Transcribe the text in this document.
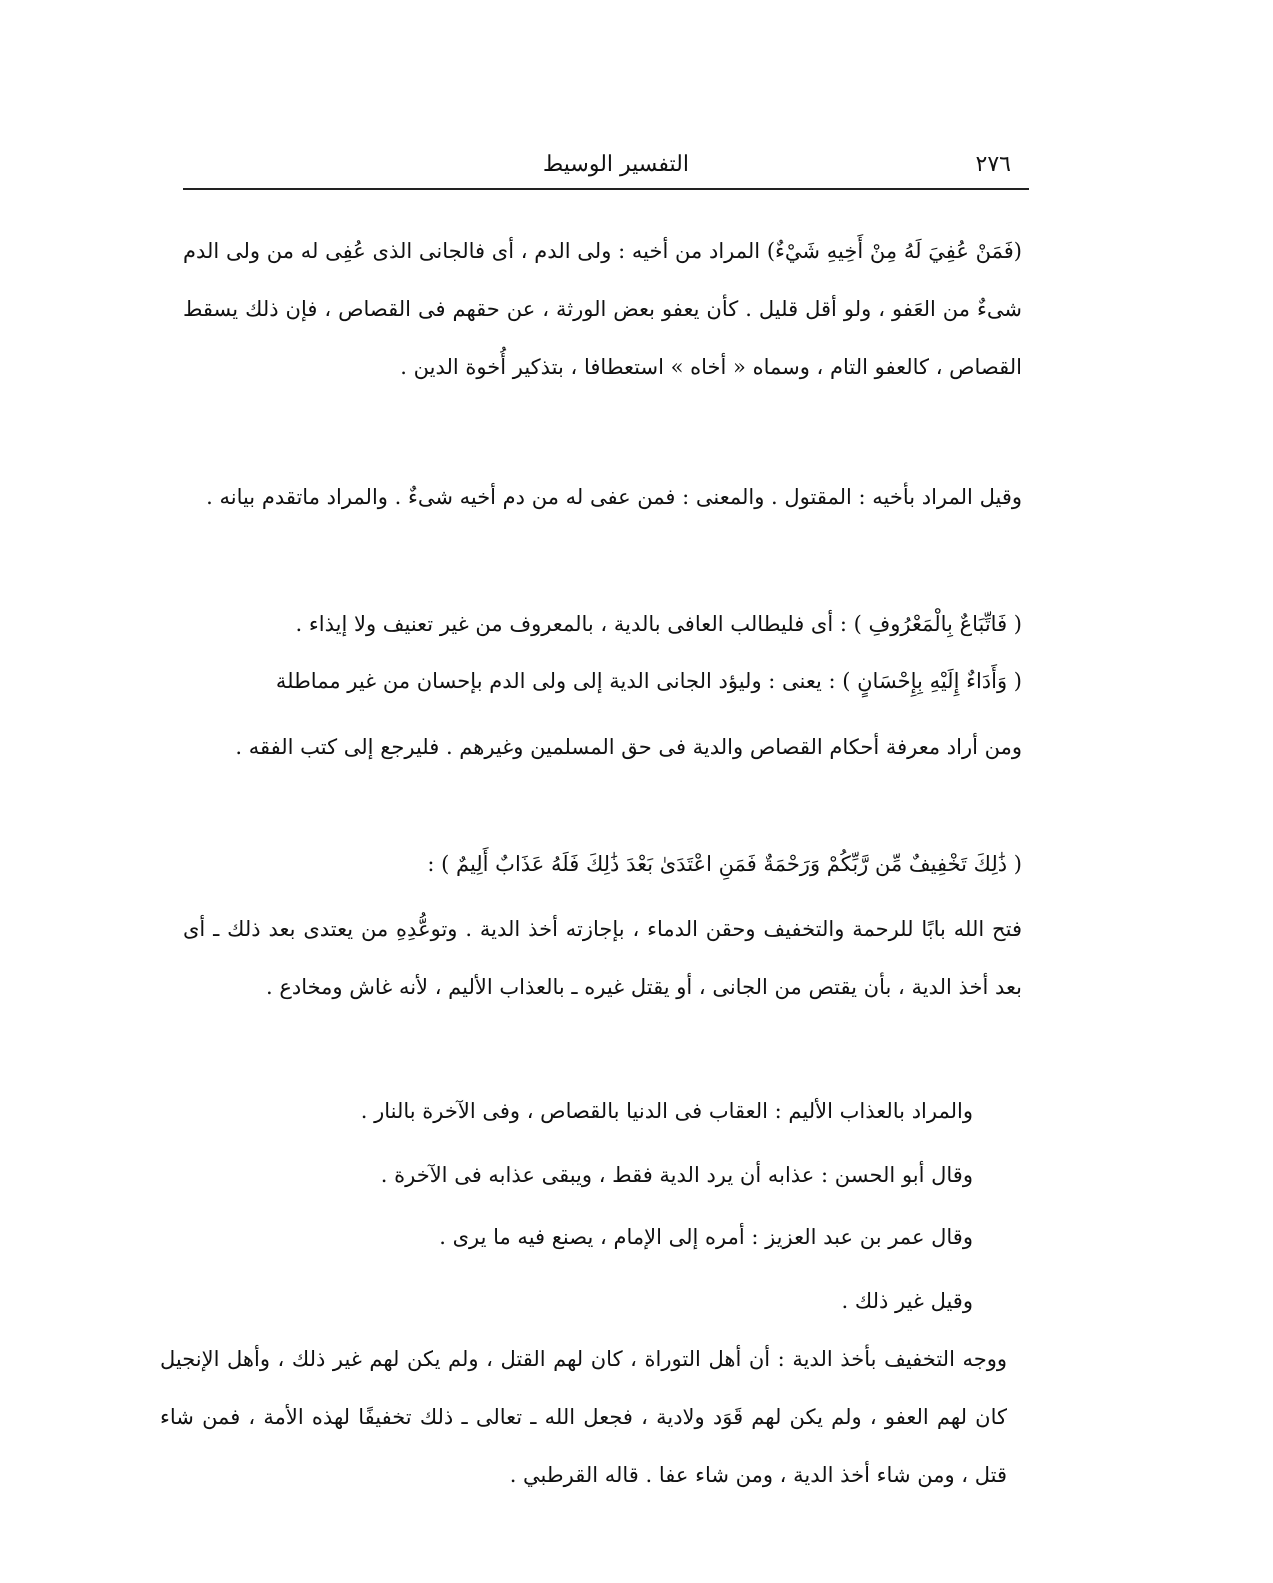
التفسير الوسيط	٢٧٦

(فَمَنْ عُفِيَ لَهُ مِنْ أَخِيهِ شَيْءٌ) المراد من أخيه : ولى الدم ، أى فالجانى الذى عُفِى له من ولى الدم شىءٌ من العَفو ، ولو أقل قليل . كأن يعفو بعض الورثة ، عن حقهم فى القصاص ، فإن ذلك يسقط القصاص ، كالعفو التام ، وسماه « أخاه » استعطافا ، بتذكير أُخوة الدين .

وقيل المراد بأخيه : المقتول . والمعنى : فمن عفى له من دم أخيه شىءٌ . والمراد ماتقدم بيانه .

( فَاتِّبَاعٌ بِالْمَعْرُوفِ ) : أى فليطالب العافى بالدية ، بالمعروف من غير تعنيف ولا إيذاء .

( وَأَدَاءٌ إِلَيْهِ بِإِحْسَانٍ ) : يعنى : وليؤد الجانى الدية إلى ولى الدم بإحسان من غير مماطلة

ومن أراد معرفة أحكام القصاص والدية فى حق المسلمين وغيرهم . فليرجع إلى كتب الفقه .

( ذَٰلِكَ تَخْفِيفٌ مِّن رَّبِّكُمْ وَرَحْمَةٌ فَمَنِ اعْتَدَىٰ بَعْدَ ذَٰلِكَ فَلَهُ عَذَابٌ أَلِيمٌ ) :

فتح الله بابًا للرحمة والتخفيف وحقن الدماء ، بإجازته أخذ الدية . وتوعُّدِهِ من يعتدى بعد ذلك ـ أى بعد أخذ الدية ، بأن يقتص من الجانى ، أو يقتل غيره ـ بالعذاب الأليم ، لأنه غاش ومخادع .

والمراد بالعذاب الأليم : العقاب فى الدنيا بالقصاص ، وفى الآخرة بالنار .

وقال أبو الحسن : عذابه أن يرد الدية فقط ، ويبقى عذابه فى الآخرة .

وقال عمر بن عبد العزيز : أمره إلى الإمام ، يصنع فيه ما يرى .

وقيل غير ذلك .

ووجه التخفيف بأخذ الدية : أن أهل التوراة ، كان لهم القتل ، ولم يكن لهم غير ذلك ، وأهل الإنجيل كان لهم العفو ، ولم يكن لهم قَوَد ولادية ، فجعل الله ـ تعالى ـ ذلك تخفيفًا لهذه الأمة ، فمن شاء قتل ، ومن شاء أخذ الدية ، ومن شاء عفا . قاله القرطبي .
